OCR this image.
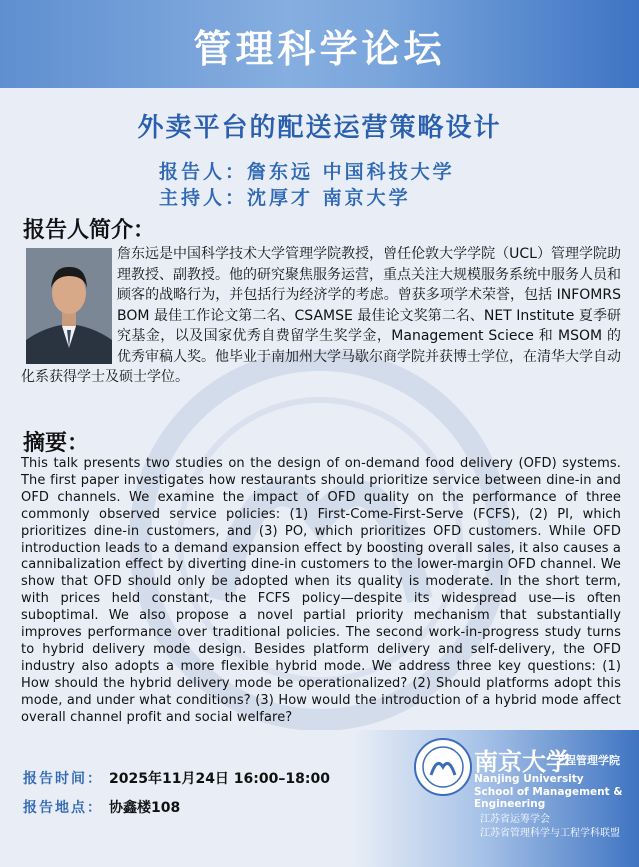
管理科学论坛
外卖平台的配送运营策略设计
报告人：詹东远 中国科技大学
主持人：沈厚才 南京大学
报告人简介：
詹东远是中国科学技术大学管理学院教授，曾任伦敦大学学院（UCL）管理学院助理教授、副教授。他的研究聚焦服务运营，重点关注大规模服务系统中服务人员和顾客的战略行为，并包括行为经济学的考虑。曾获多项学术荣誉，包括 INFOMRS BOM 最佳工作论文第二名、CSAMSE 最佳论文奖第二名、NET Institute 夏季研究基金，以及国家优秀自费留学生奖学金，Management Sciece 和 MSOM 的优秀审稿人奖。他毕业于南加州大学马歇尔商学院并获博士学位，在清华大学自动化系获得学士及硕士学位。
摘要：
This talk presents two studies on the design of on-demand food delivery (OFD) systems. The first paper investigates how restaurants should prioritize service between dine-in and OFD channels. We examine the impact of OFD quality on the performance of three commonly observed service policies: (1) First-Come-First-Serve (FCFS), (2) PI, which prioritizes dine-in customers, and (3) PO, which prioritizes OFD customers. While OFD introduction leads to a demand expansion effect by boosting overall sales, it also causes a cannibalization effect by diverting dine-in customers to the lower-margin OFD channel. We show that OFD should only be adopted when its quality is moderate. In the short term, with prices held constant, the FCFS policy—despite its widespread use—is often suboptimal. We also propose a novel partial priority mechanism that substantially improves performance over traditional policies. The second work-in-progress study turns to hybrid delivery mode design. Besides platform delivery and self-delivery, the OFD industry also adopts a more flexible hybrid mode. We address three key questions: (1) How should the hybrid delivery mode be operationalized? (2) Should platforms adopt this mode, and under what conditions? (3) How would the introduction of a hybrid mode affect overall channel profit and social welfare?
报告时间： 2025年11月24日 16:00–18:00
报告地点： 协鑫楼108
南京大学
工程管理学院
Nanjing University
School of Management & Engineering
江苏省运筹学会
江苏省管理科学与工程学科联盟
